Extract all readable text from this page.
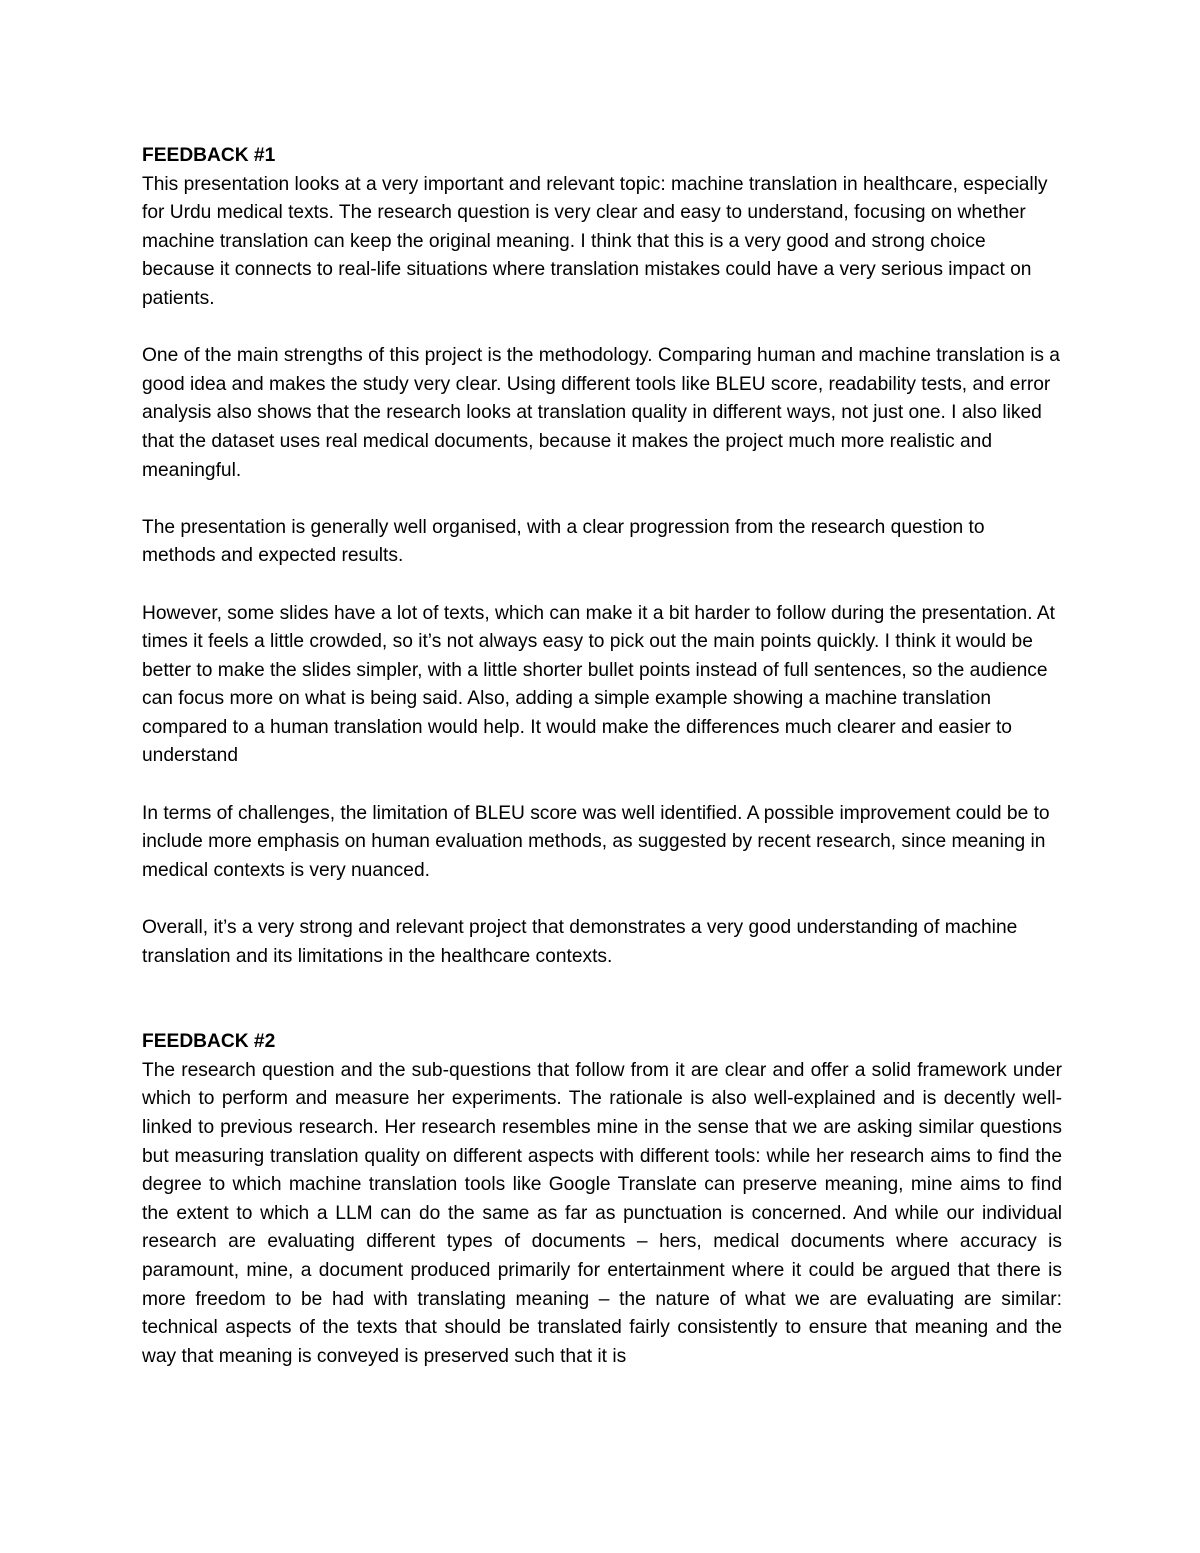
FEEDBACK #1

This presentation looks at a very important and relevant topic: machine translation in healthcare, especially for Urdu medical texts. The research question is very clear and easy to understand, focusing on whether machine translation can keep the original meaning. I think that this is a very good and strong choice because it connects to real-life situations where translation mistakes could have a very serious impact on patients.

One of the main strengths of this project is the methodology. Comparing human and machine translation is a good idea and makes the study very clear. Using different tools like BLEU score, readability tests, and error analysis also shows that the research looks at translation quality in different ways, not just one. I also liked that the dataset uses real medical documents, because it makes the project much more realistic and meaningful.

The presentation is generally well organised, with a clear progression from the research question to methods and expected results.

However, some slides have a lot of texts, which can make it a bit harder to follow during the presentation. At times it feels a little crowded, so it’s not always easy to pick out the main points quickly. I think it would be better to make the slides simpler, with a little shorter bullet points instead of full sentences, so the audience can focus more on what is being said. Also, adding a simple example showing a machine translation compared to a human translation would help. It would make the differences much clearer and easier to understand

In terms of challenges, the limitation of BLEU score was well identified. A possible improvement could be to include more emphasis on human evaluation methods, as suggested by recent research, since meaning in medical contexts is very nuanced.

Overall, it’s a very strong and relevant project that demonstrates a very good understanding of machine translation and its limitations in the healthcare contexts.

FEEDBACK #2

The research question and the sub-questions that follow from it are clear and offer a solid framework under which to perform and measure her experiments. The rationale is also well-explained and is decently well-linked to previous research. Her research resembles mine in the sense that we are asking similar questions but measuring translation quality on different aspects with different tools: while her research aims to find the degree to which machine translation tools like Google Translate can preserve meaning, mine aims to find the extent to which a LLM can do the same as far as punctuation is concerned. And while our individual research are evaluating different types of documents – hers, medical documents where accuracy is paramount, mine, a document produced primarily for entertainment where it could be argued that there is more freedom to be had with translating meaning – the nature of what we are evaluating are similar: technical aspects of the texts that should be translated fairly consistently to ensure that meaning and the way that meaning is conveyed is preserved such that it is
